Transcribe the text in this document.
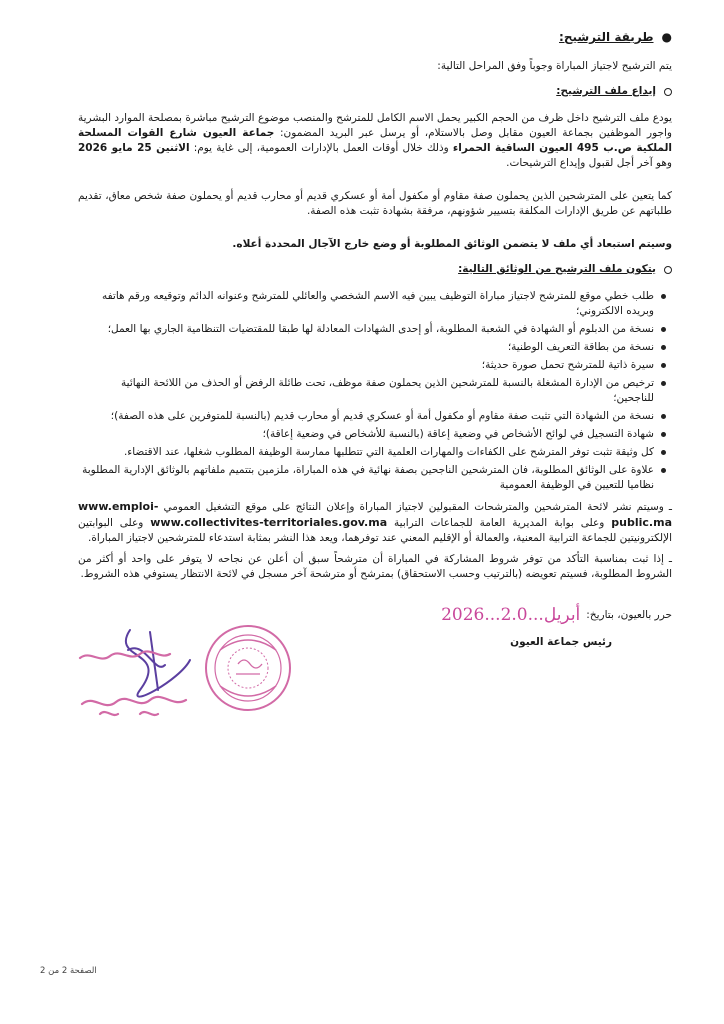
●
طريقة الترشيح:

يتم الترشيح لاجتياز المباراة وجوباً وفق المراحل التالية:

إيداع ملف الترشيح:

يودع ملف الترشيح داخل ظرف من الحجم الكبير يحمل الاسم الكامل للمترشح والمنصب موضوع الترشيح مباشرة بمصلحة الموارد البشرية واجور الموظفين بجماعة العيون مقابل وصل بالاستلام، أو يرسل عبر البريد المضمون: جماعة العيون شارع القوات المسلحة الملكية ص.ب 495 العيون الساقية الحمراء وذلك خلال أوقات العمل بالإدارات العمومية، إلى غاية يوم: الاثنين 25 مايو 2026 وهو آخر أجل لقبول وإيداع الترشيحات.

كما يتعين على المترشحين الذين يحملون صفة مقاوم أو مكفول أمة أو عسكري قديم أو محارب قديم أو يحملون صفة شخص معاق، تقديم طلباتهم عن طريق الإدارات المكلفة بتسيير شؤونهم، مرفقة بشهادة تثبت هذه الصفة.

وسيتم استبعاد أي ملف لا يتضمن الوثائق المطلوبة أو وضع خارج الآجال المحددة أعلاه.

يتكون ملف الترشيح من الوثائق التالية:
طلب خطي موقع للمترشح لاجتياز مباراة التوظيف يبين فيه الاسم الشخصي والعائلي للمترشح وعنوانه الدائم وتوقيعه ورقم هاتفه وبريده الالكتروني؛
نسخة من الدبلوم أو الشهادة في الشعبة المطلوبة، أو إحدى الشهادات المعادلة لها طبقا للمقتضيات التنظامية الجاري بها العمل؛
نسخة من بطاقة التعريف الوطنية؛
سيرة ذاتية للمترشح تحمل صورة حديثة؛
ترخيص من الإدارة المشغلة بالنسبة للمترشحين الذين يحملون صفة موظف، تحت طائلة الرفض أو الحذف من اللائحة النهائية للناجحين؛
نسخة من الشهادة التي تثبت صفة مقاوم أو مكفول أمة أو عسكري قديم أو محارب قديم (بالنسبة للمتوفرين على هذه الصفة)؛
شهادة التسجيل في لوائح الأشخاص في وضعية إعاقة (بالنسبة للأشخاص في وضعية إعاقة)؛
كل وثيقة تثبت توفر المترشح على الكفاءات والمهارات العلمية التي تتطلبها ممارسة الوظيفة المطلوب شغلها، عند الاقتضاء.
علاوة على الوثائق المطلوبة، فان المترشحين الناجحين بصفة نهائية في هذه المباراة، ملزمين بتتميم ملفاتهم بالوثائق الإدارية المطلوبة نظاميا للتعيين في الوظيفة العمومية

ـ وسيتم نشر لائحة المترشحين والمترشحات المقبولين لاجتياز المباراة وإعلان النتائج على موقع التشغيل العمومي www.emploi-public.ma وعلى بوابة المديرية العامة للجماعات الترابية www.collectivites-territoriales.gov.ma وعلى البوابتين الإلكترونيتين للجماعة الترابية المعنية، والعمالة أو الإقليم المعني عند توفرهما، ويعد هذا النشر بمثابة استدعاء للمترشحين لاجتياز المباراة.

ـ إذا ثبت بمناسبة التأكد من توفر شروط المشاركة في المباراة أن مترشحاً سبق أن أعلن عن نجاحه لا يتوفر على واحد أو أكثر من الشروط المطلوبة، فسيتم تعويضه (بالترتيب وحسب الاستحقاق) بمترشح أو مترشحة آخر مسجل في لائحة الانتظار يستوفي هذه الشروط.

حرر بالعيون، بتاريخ:
2026...2.0...أبريل
رئيس جماعة العيون
الصفحة 2 من 2
